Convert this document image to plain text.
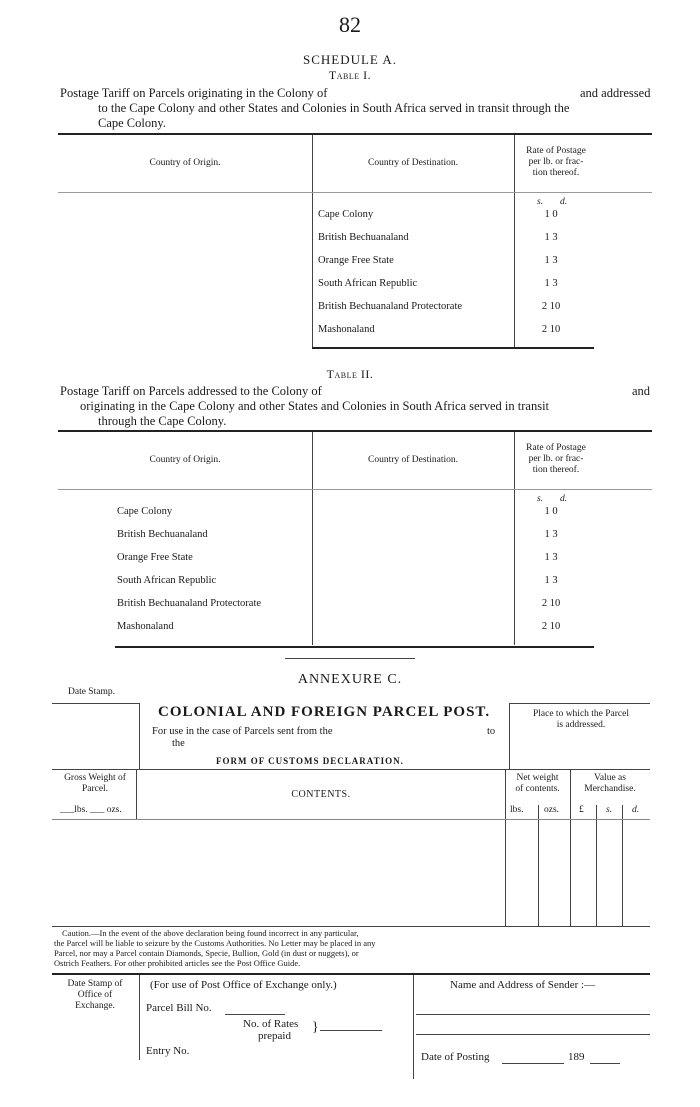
82
SCHEDULE A.
Table I.
Postage Tariff on Parcels originating in the Colony of	and addressed
to the Cape Colony and other States and Colonies in South Africa served in transit through the
Cape Colony.
Country of Origin.	Country of Destination.
Rate of Postage
per lb. or frac-
tion thereof.
s. d.
Cape Colony	1 0
British Bechuanaland	1 3
Orange Free State	1 3
South African Republic	1 3
British Bechuanaland Protectorate	2 10
Mashonaland	2 10
Table II.
Postage Tariff on Parcels addressed to the Colony of	and
originating in the Cape Colony and other States and Colonies in South Africa served in transit
through the Cape Colony.
Country of Origin.	Country of Destination.
Rate of Postage
per lb. or frac-
tion thereof.
s. d.
Cape Colony	1 0
British Bechuanaland	1 3
Orange Free State	1 3
South African Republic	1 3
British Bechuanaland Protectorate	2 10
Mashonaland	2 10
ANNEXURE C.
Date Stamp.
COLONIAL AND FOREIGN PARCEL POST.
For use in the case of Parcels sent from the	to
the
FORM OF CUSTOMS DECLARATION.
Place to which the Parcel
is addressed.
Gross Weight of
Parcel.
___lbs. ___ ozs.
CONTENTS.
Net weight
of contents.
Value as
Merchandise.
lbs. ozs. £ s. d.
Caution.—In the event of the above declaration being found incorrect in any particular,
the Parcel will be liable to seizure by the Customs Authorities. No Letter may be placed in any
Parcel, nor may a Parcel contain Diamonds, Specie, Bullion, Gold (in dust or nuggets), or
Ostrich Feathers. For other prohibited articles see the Post Office Guide.
Date Stamp of
Office of
Exchange.
(For use of Post Office of Exchange only.)
Parcel Bill No.
No. of Rates
prepaid
}
Entry No.
Name and Address of Sender :—
Date of Posting	189
